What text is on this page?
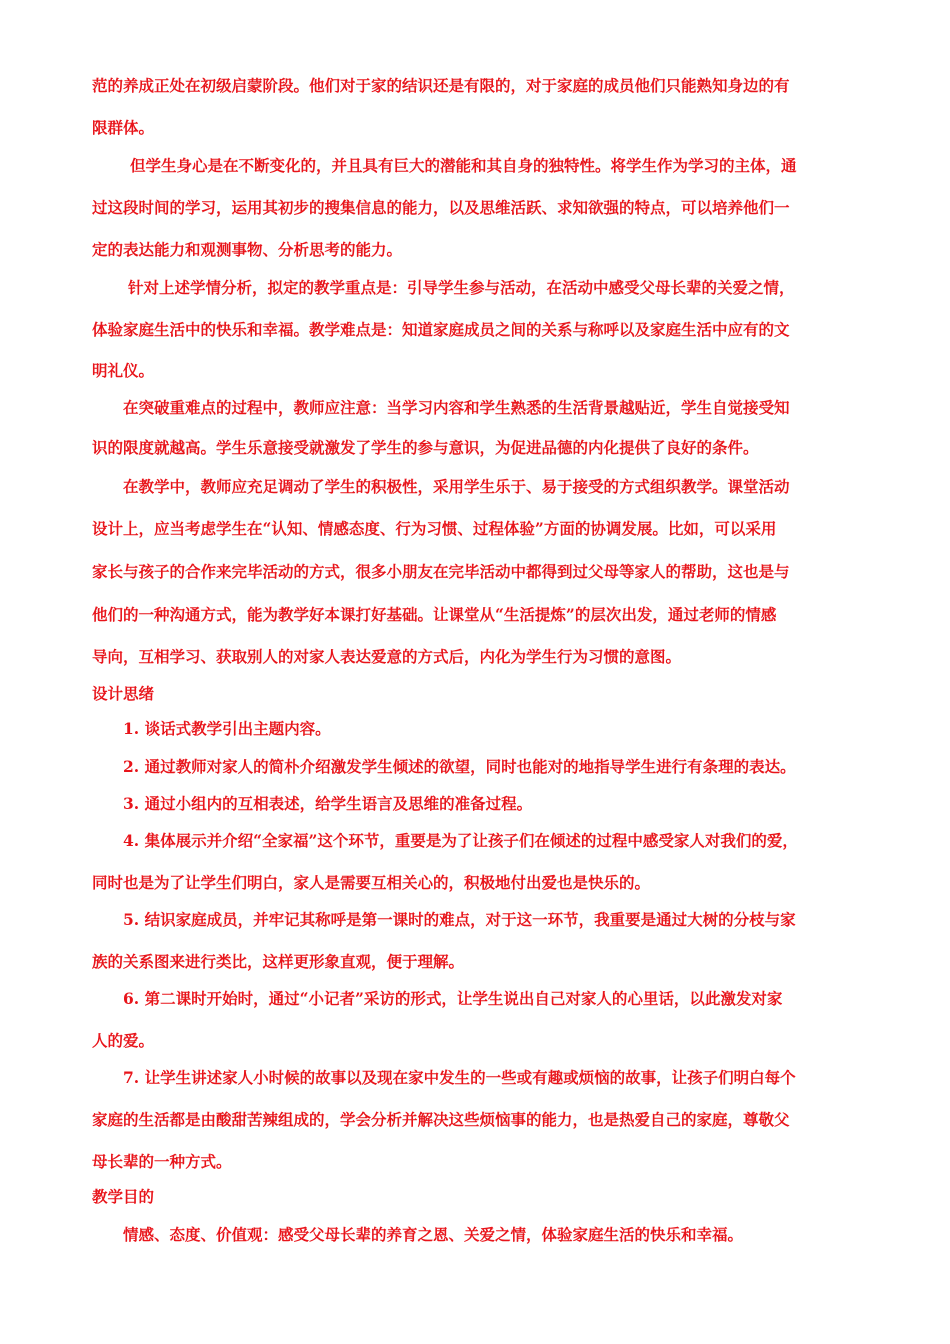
范的养成正处在初级启蒙阶段。他们对于家的结识还是有限的，对于家庭的成员他们只能熟知身边的有

限群体。

但学生身心是在不断变化的，并且具有巨大的潜能和其自身的独特性。将学生作为学习的主体，通

过这段时间的学习，运用其初步的搜集信息的能力，以及思维活跃、求知欲强的特点，可以培养他们一

定的表达能力和观测事物、分析思考的能力。

针对上述学情分析，拟定的教学重点是：引导学生参与活动，在活动中感受父母长辈的关爱之情，

体验家庭生活中的快乐和幸福。教学难点是：知道家庭成员之间的关系与称呼以及家庭生活中应有的文

明礼仪。

在突破重难点的过程中，教师应注意：当学习内容和学生熟悉的生活背景越贴近，学生自觉接受知

识的限度就越高。学生乐意接受就激发了学生的参与意识，为促进品德的内化提供了良好的条件。

在教学中，教师应充足调动了学生的积极性，采用学生乐于、易于接受的方式组织教学。课堂活动

设计上，应当考虑学生在“认知、情感态度、行为习惯、过程体验”方面的协调发展。比如，可以采用

家长与孩子的合作来完毕活动的方式，很多小朋友在完毕活动中都得到过父母等家人的帮助，这也是与

他们的一种沟通方式，能为教学好本课打好基础。让课堂从“生活提炼”的层次出发，通过老师的情感

导向，互相学习、获取别人的对家人表达爱意的方式后，内化为学生行为习惯的意图。

设计思绪

1. 谈话式教学引出主题内容。

2. 通过教师对家人的简朴介绍激发学生倾述的欲望，同时也能对的地指导学生进行有条理的表达。

3. 通过小组内的互相表述，给学生语言及思维的准备过程。

4. 集体展示并介绍“全家福”这个环节，重要是为了让孩子们在倾述的过程中感受家人对我们的爱，

同时也是为了让学生们明白，家人是需要互相关心的，积极地付出爱也是快乐的。

5. 结识家庭成员，并牢记其称呼是第一课时的难点，对于这一环节，我重要是通过大树的分枝与家

族的关系图来进行类比，这样更形象直观，便于理解。

6. 第二课时开始时，通过“小记者”采访的形式，让学生说出自己对家人的心里话，以此激发对家

人的爱。

7. 让学生讲述家人小时候的故事以及现在家中发生的一些或有趣或烦恼的故事，让孩子们明白每个

家庭的生活都是由酸甜苦辣组成的，学会分析并解决这些烦恼事的能力，也是热爱自己的家庭，尊敬父

母长辈的一种方式。

教学目的

情感、态度、价值观：感受父母长辈的养育之恩、关爱之情，体验家庭生活的快乐和幸福。
